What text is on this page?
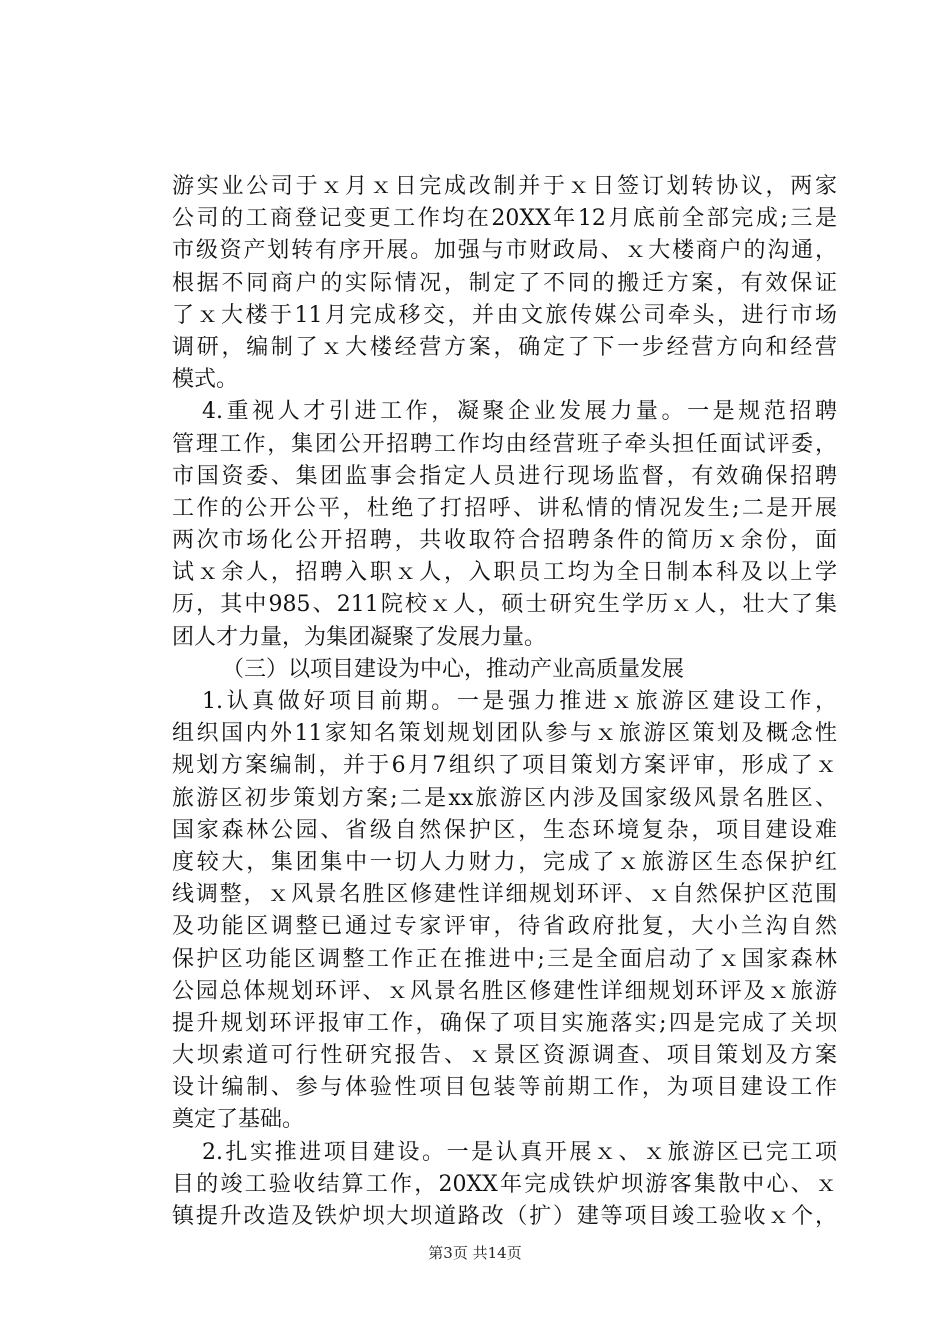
游实业公司于ｘ月ｘ日完成改制并于ｘ日签订划转协议，两家
公司的工商登记变更工作均在20XX年12月底前全部完成;三是
市级资产划转有序开展。加强与市财政局、ｘ大楼商户的沟通，
根据不同商户的实际情况，制定了不同的搬迁方案，有效保证
了ｘ大楼于11月完成移交，并由文旅传媒公司牵头，进行市场
调研，编制了ｘ大楼经营方案，确定了下一步经营方向和经营
模式。
4.重视人才引进工作，凝聚企业发展力量。一是规范招聘
管理工作，集团公开招聘工作均由经营班子牵头担任面试评委，
市国资委、集团监事会指定人员进行现场监督，有效确保招聘
工作的公开公平，杜绝了打招呼、讲私情的情况发生;二是开展
两次市场化公开招聘，共收取符合招聘条件的简历ｘ余份，面
试ｘ余人，招聘入职ｘ人，入职员工均为全日制本科及以上学
历，其中985、211院校ｘ人，硕士研究生学历ｘ人，壮大了集
团人才力量，为集团凝聚了发展力量。
（三）以项目建设为中心，推动产业高质量发展
1.认真做好项目前期。一是强力推进ｘ旅游区建设工作，
组织国内外11家知名策划规划团队参与ｘ旅游区策划及概念性
规划方案编制，并于6月7组织了项目策划方案评审，形成了ｘ
旅游区初步策划方案;二是xx旅游区内涉及国家级风景名胜区、
国家森林公园、省级自然保护区，生态环境复杂，项目建设难
度较大，集团集中一切人力财力，完成了ｘ旅游区生态保护红
线调整，ｘ风景名胜区修建性详细规划环评、ｘ自然保护区范围
及功能区调整已通过专家评审，待省政府批复，大小兰沟自然
保护区功能区调整工作正在推进中;三是全面启动了ｘ国家森林
公园总体规划环评、ｘ风景名胜区修建性详细规划环评及ｘ旅游
提升规划环评报审工作，确保了项目实施落实;四是完成了关坝
大坝索道可行性研究报告、ｘ景区资源调查、项目策划及方案
设计编制、参与体验性项目包装等前期工作，为项目建设工作
奠定了基础。
2.扎实推进项目建设。一是认真开展ｘ、ｘ旅游区已完工项
目的竣工验收结算工作，20XX年完成铁炉坝游客集散中心、ｘ
镇提升改造及铁炉坝大坝道路改（扩）建等项目竣工验收ｘ个，
第3页 共14页
